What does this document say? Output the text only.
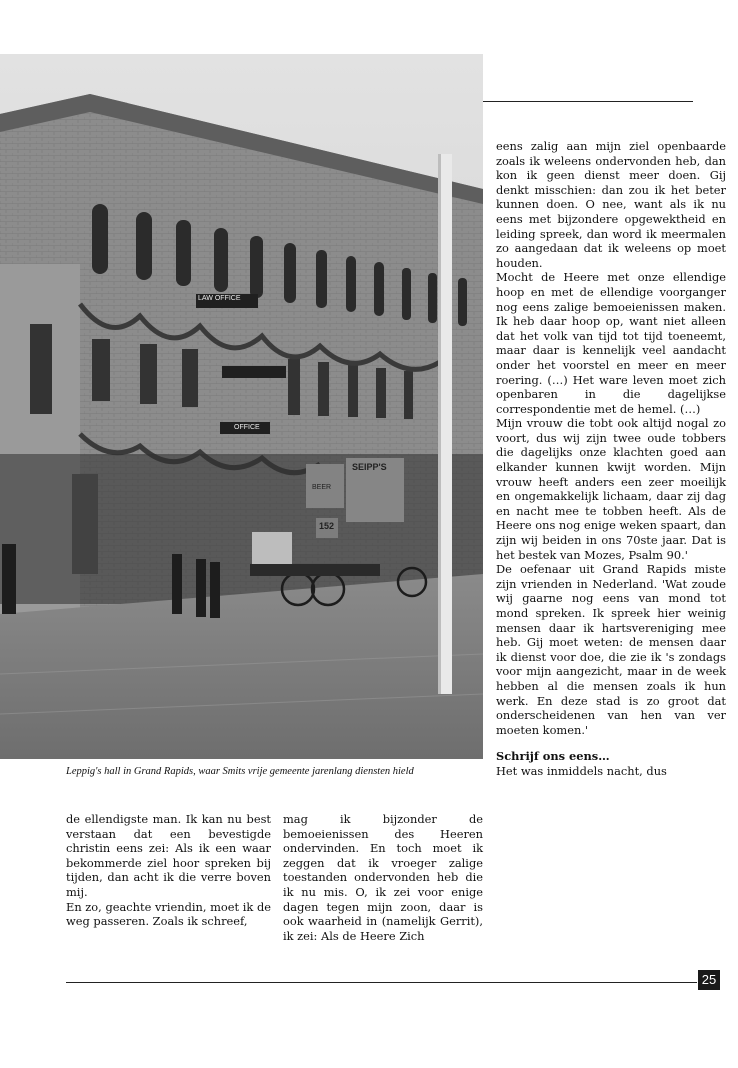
LAW OFFICE
OFFICE
SEIPP'S
152
BEER
Leppig's hall in Grand Rapids, waar Smits vrije gemeente jarenlang diensten hield

eens zalig aan mijn ziel openbaarde zoals ik weleens ondervonden heb, dan kon ik geen dienst meer doen. Gij denkt misschien: dan zou ik het beter kunnen doen. O nee, want als ik nu eens met bijzondere opgewektheid en leiding spreek, dan word ik meermalen zo aangedaan dat ik weleens op moet houden.

Mocht de Heere met onze ellendige hoop en met de ellendige voorganger nog eens zalige bemoeienissen maken. Ik heb daar hoop op, want niet alleen dat het volk van tijd tot tijd toeneemt, maar daar is kennelijk veel aandacht onder het voorstel en meer en meer roering. (…) Het ware leven moet zich openbaren in die dagelijkse correspondentie met de hemel. (…)

Mijn vrouw die tobt ook altijd nogal zo voort, dus wij zijn twee oude tobbers die dagelijks onze klachten goed aan elkander kunnen kwijt worden. Mijn vrouw heeft anders een zeer moeilijk en ongemakkelijk lichaam, daar zij dag en nacht mee te tobben heeft. Als de Heere ons nog enige weken spaart, dan zijn wij beiden in ons 70ste jaar. Dat is het bestek van Mozes, Psalm 90.'

De oefenaar uit Grand Rapids miste zijn vrienden in Nederland. 'Wat zoude wij gaarne nog eens van mond tot mond spreken. Ik spreek hier weinig mensen daar ik hartsvereniging mee heb. Gij moet weten: de mensen daar ik dienst voor doe, die zie ik 's zondags voor mijn aangezicht, maar in de week hebben al die mensen zoals ik hun werk. En deze stad is zo groot dat onderscheidenen van hen van ver moeten komen.'

Schrijf ons eens…

Het was inmiddels nacht, dus

de ellendigste man. Ik kan nu best verstaan dat een bevestigde christin eens zei: Als ik een waar bekommerde ziel hoor spreken bij tijden, dan acht ik die verre boven mij.

En zo, geachte vriendin, moet ik de weg passeren. Zoals ik schreef,

mag ik bijzonder de bemoeienissen des Heeren ondervinden. En toch moet ik zeggen dat ik vroeger zalige toestanden ondervonden heb die ik nu mis. O, ik zei voor enige dagen tegen mijn zoon, daar is ook waarheid in (namelijk Gerrit), ik zei: Als de Heere Zich

25
